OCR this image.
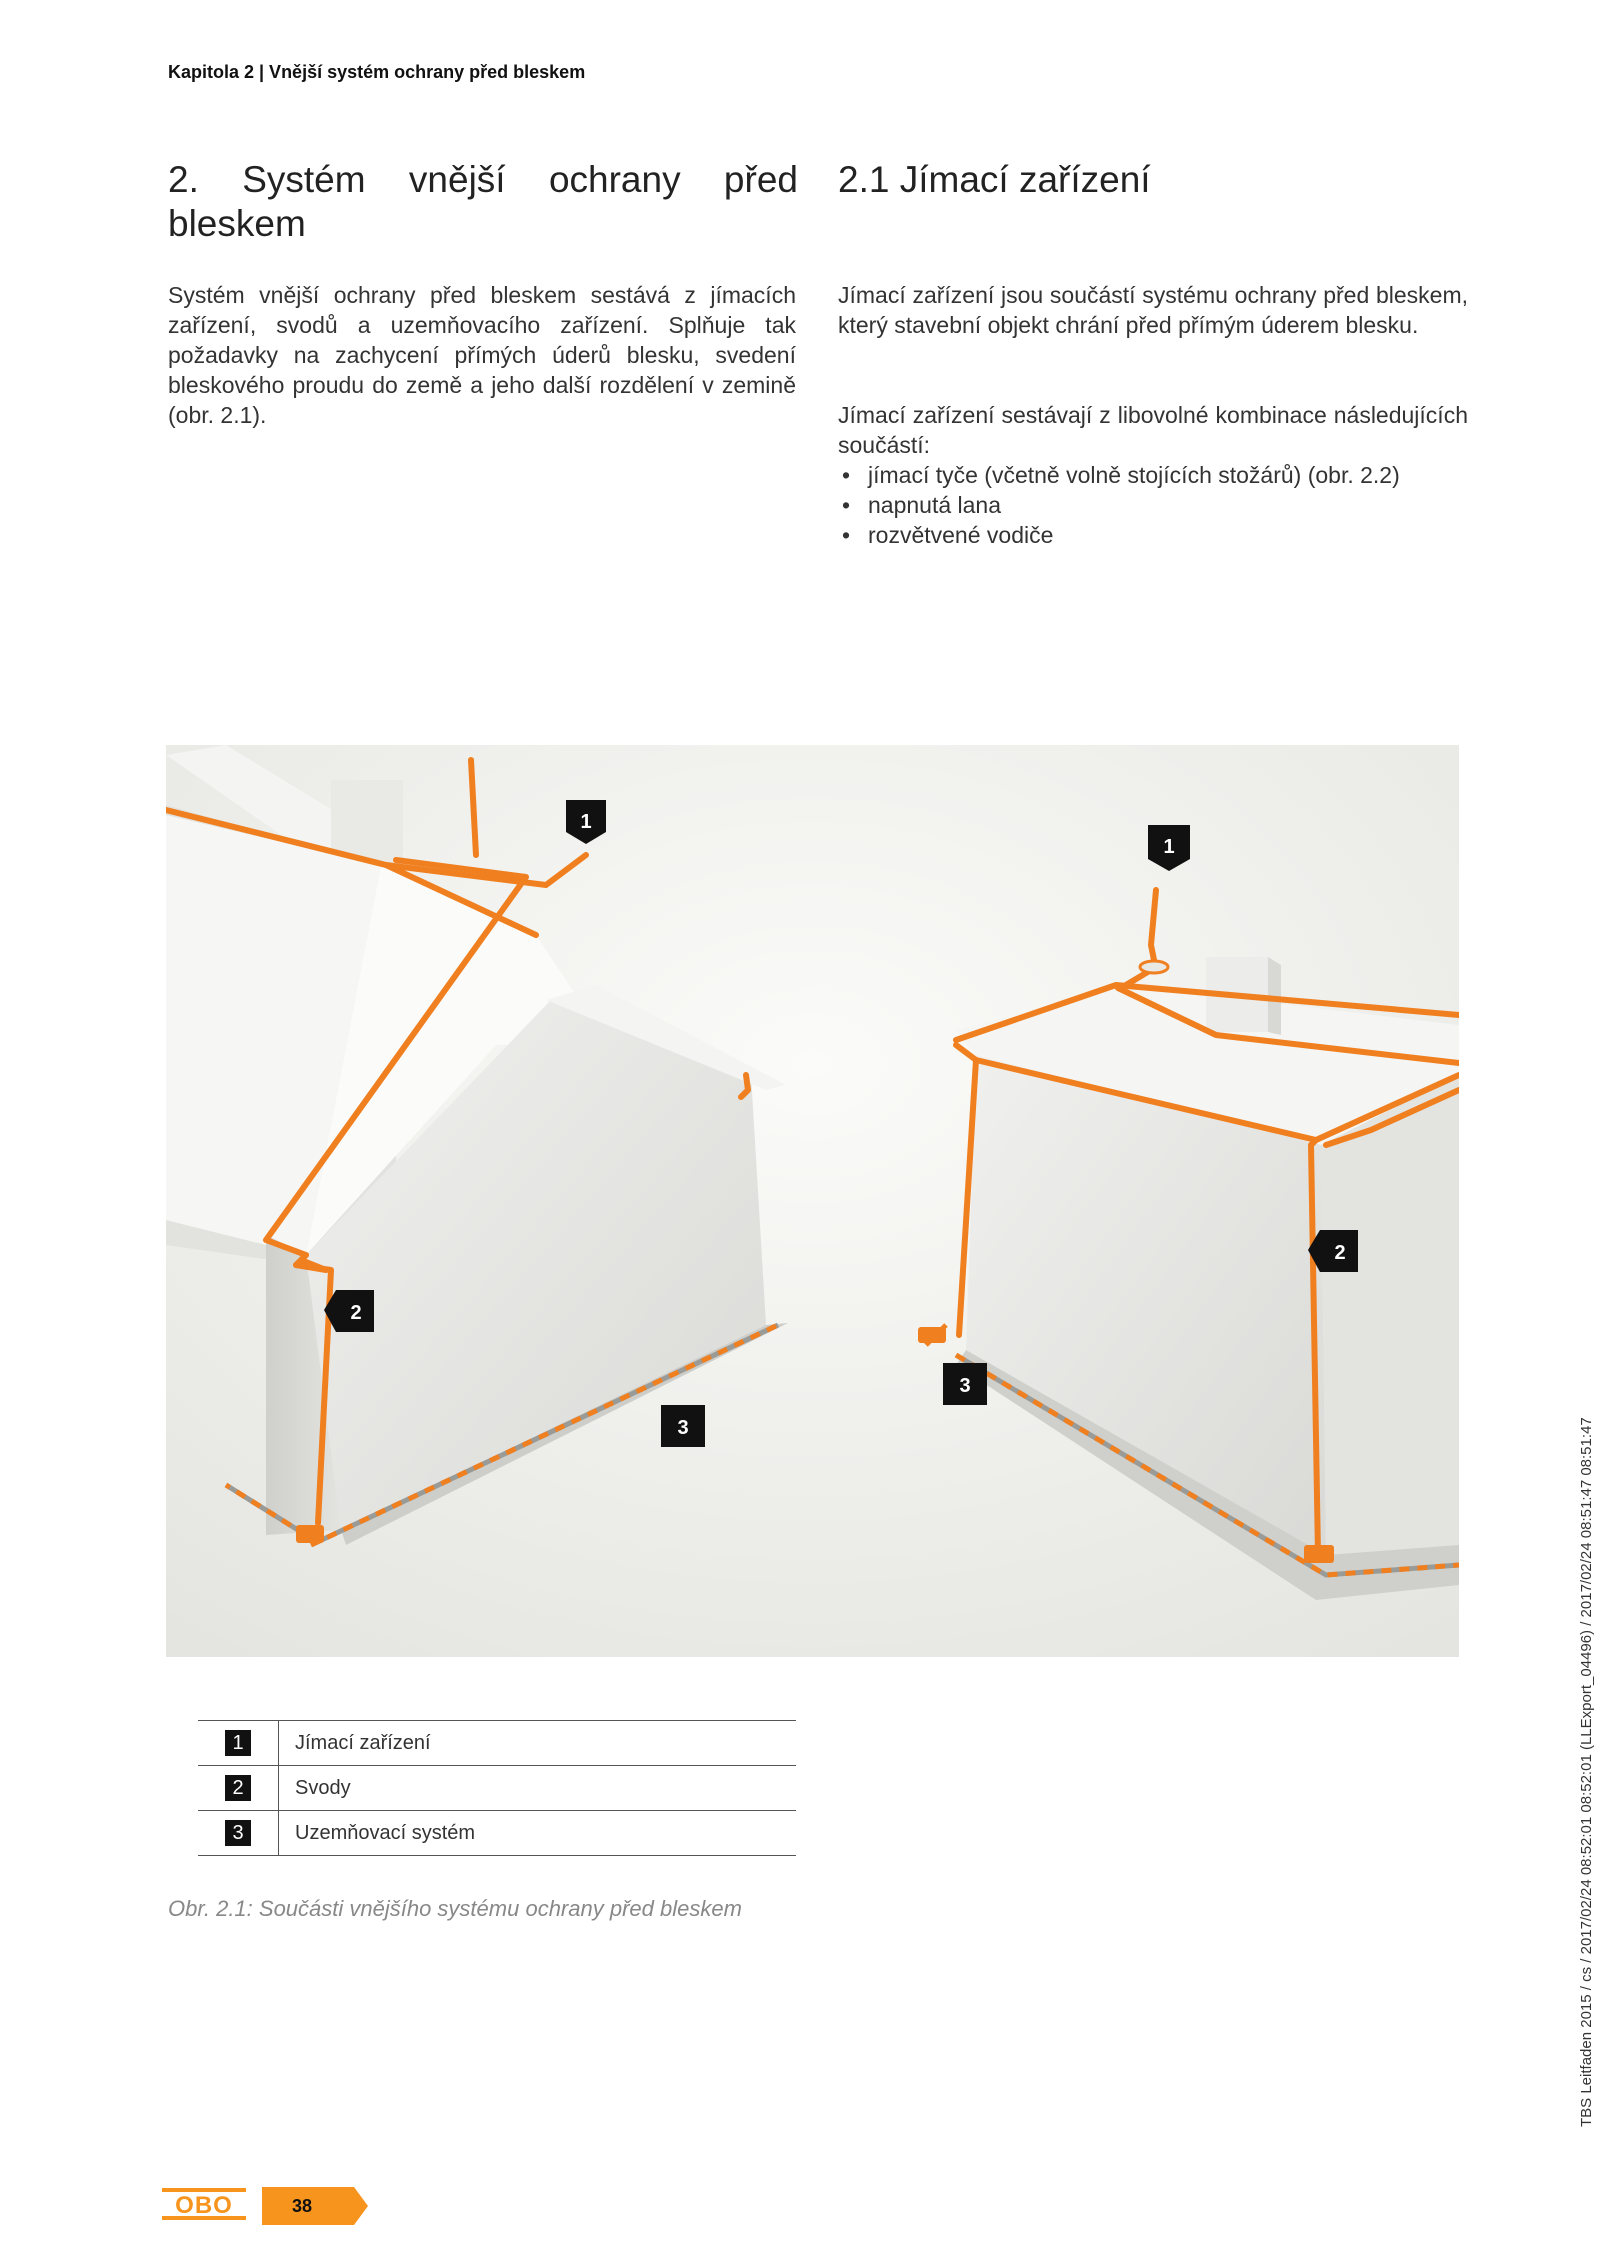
Kapitola 2 | Vnější systém ochrany před bleskem
2. Systém vnější ochrany před bleskem
2.1 Jímací zařízení
Systém vnější ochrany před bleskem sestává z jímacích zařízení, svodů a uzemňovacího zařízení. Splňuje tak požadavky na zachycení přímých úderů blesku, svedení bleskového proudu do země a jeho další rozdělení v zemině (obr. 2.1).
Jímací zařízení jsou součástí systému ochrany před bleskem, který stavební objekt chrání před přímým úderem blesku.
Jímací zařízení sestávají z libovolné kombinace následujících součástí:
• jímací tyče (včetně volně stojících stožárů) (obr. 2.2)
• napnutá lana
• rozvětvené vodiče
1
1
2
2
3
3
1	Jímací zařízení
2	Svody
3	Uzemňovací systém
Obr. 2.1: Součásti vnějšího systému ochrany před bleskem	TBS Leitfaden 2015 / cs / 2017/02/24 08:52:01 08:52:01 (LLExport_04496) / 2017/02/24 08:51:47 08:51:47
OBO	38
